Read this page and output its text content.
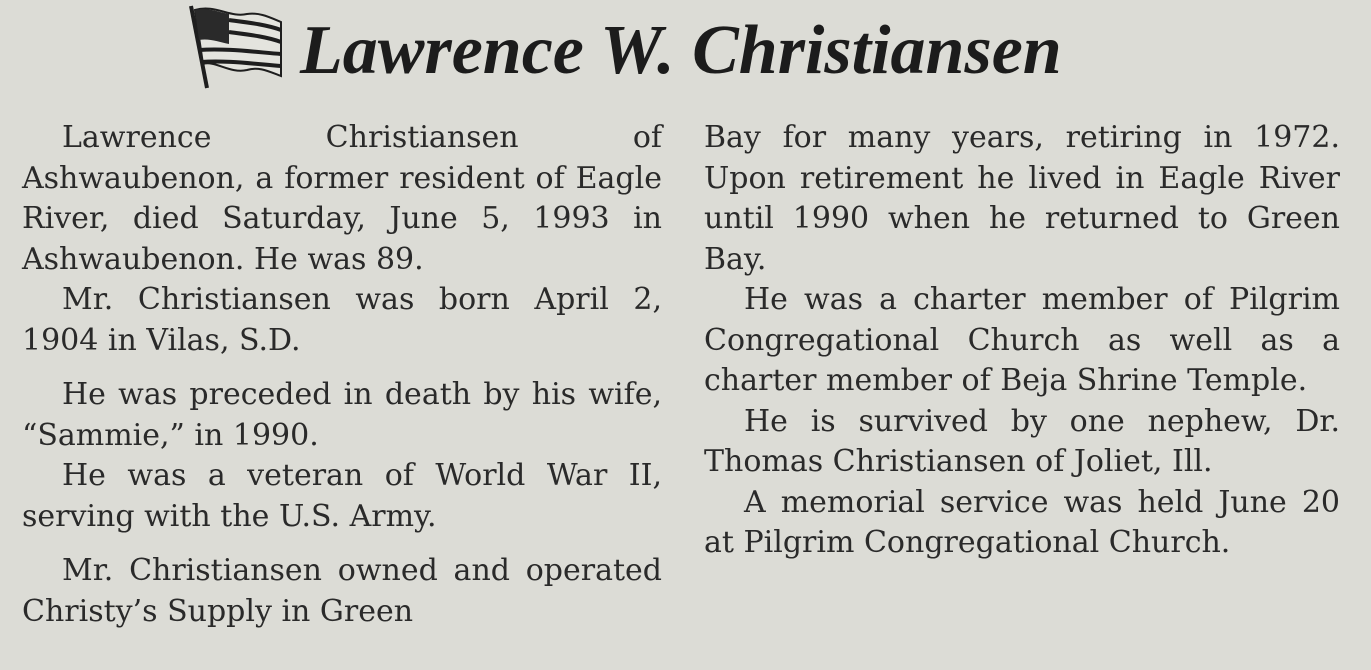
Lawrence W. Christiansen

Lawrence Christiansen of Ashwaubenon, a former resident of Eagle River, died Saturday, June 5, 1993 in Ashwaubenon. He was 89.

Mr. Christiansen was born April 2, 1904 in Vilas, S.D.

He was preceded in death by his wife, “Sammie,” in 1990.

He was a veteran of World War II, serving with the U.S. Army.

Mr. Christiansen owned and operated Christy’s Supply in Green

Bay for many years, retiring in 1972. Upon retirement he lived in Eagle River until 1990 when he returned to Green Bay.

He was a charter member of Pilgrim Congregational Church as well as a charter member of Beja Shrine Temple.

He is survived by one nephew, Dr. Thomas Christiansen of Joliet, Ill.

A memorial service was held June 20 at Pilgrim Congregational Church.
